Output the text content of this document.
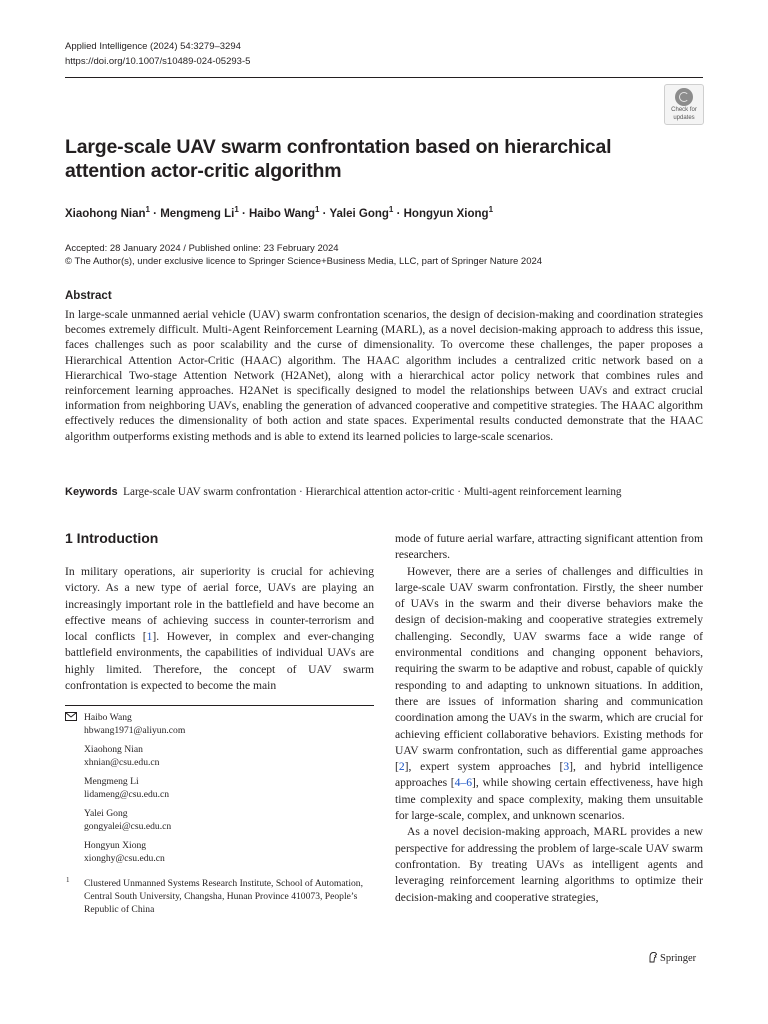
Applied Intelligence (2024) 54:3279–3294
https://doi.org/10.1007/s10489-024-05293-5
Check for
updates
Large-scale UAV swarm confrontation based on hierarchical attention actor-critic algorithm
Xiaohong Nian$^1$ · Mengmeng $Li^1$ · Haibo Wang$^1$ · Yalei Gong$^1$ · Hongyun Xiong$^1$
Accepted: 28 January 2024 / Published online: 23 February 2024
© The Author(s), under exclusive licence to Springer Science+Business Media, LLC, part of Springer Nature 2024
Abstract
In large-scale unmanned aerial vehicle (UAV) swarm confrontation scenarios, the design of decision-making and coordination strategies becomes extremely difficult. Multi-Agent Reinforcement Learning (MARL), as a novel decision-making approach to address this issue, faces challenges such as poor scalability and the curse of dimensionality. To overcome these challenges, the paper proposes a Hierarchical Attention Actor-Critic (HAAC) algorithm. The HAAC algorithm includes a centralized critic network based on a Hierarchical Two-stage Attention Network (H2ANet), along with a hierarchical actor policy network that combines rules and reinforcement learning approaches. H2ANet is specifically designed to model the relationships between UAVs and extract crucial information from neighboring UAVs, enabling the generation of advanced cooperative and competitive strategies. The HAAC algorithm effectively reduces the dimensionality of both action and state spaces. Experimental results conducted demonstrate that the HAAC algorithm outperforms existing methods and is able to extend its learned policies to large-scale scenarios.
Keywords Large-scale UAV swarm confrontation · Hierarchical attention actor-critic · Multi-agent reinforcement learning
1 Introduction

In military operations, air superiority is crucial for achieving victory. As a new type of aerial force, UAVs are playing an increasingly important role in the battlefield and have become an effective means of achieving success in counter-terrorism and local conflicts [1]. However, in complex and ever-changing battlefield environments, the capabilities of individual UAVs are highly limited. Therefore, the concept of UAV swarm confrontation is expected to become the main

Haibo Wang
hbwang1971@aliyun.com
Xiaohong Nian
xhnian@csu.edu.cn
Mengmeng Li
lidameng@csu.edu.cn
Yalei Gong
gongyalei@csu.edu.cn
Hongyun Xiong
xionghy@csu.edu.cn
1 Clustered Unmanned Systems Research Institute, School of Automation, Central South University, Changsha, Hunan Province 410073, People’s Republic of China

mode of future aerial warfare, attracting significant attention from researchers.

However, there are a series of challenges and difficulties in large-scale UAV swarm confrontation. Firstly, the sheer number of UAVs in the swarm and their diverse behaviors make the design of decision-making and cooperative strategies extremely challenging. Secondly, UAV swarms face a wide range of environmental conditions and changing opponent behaviors, requiring the swarm to be adaptive and robust, capable of quickly responding to and adapting to unknown situations. In addition, there are issues of information sharing and communication coordination among the UAVs in the swarm, which are crucial for achieving efficient collaborative behaviors. Existing methods for UAV swarm confrontation, such as differential game approaches [2], expert system approaches [3], and hybrid intelligence approaches [4–6], while showing certain effectiveness, have high time complexity and space complexity, making them unsuitable for large-scale, complex, and unknown scenarios.

As a novel decision-making approach, MARL provides a new perspective for addressing the problem of large-scale UAV swarm confrontation. By treating UAVs as intelligent agents and leveraging reinforcement learning algorithms to optimize their decision-making and cooperative strategies,

Springer
